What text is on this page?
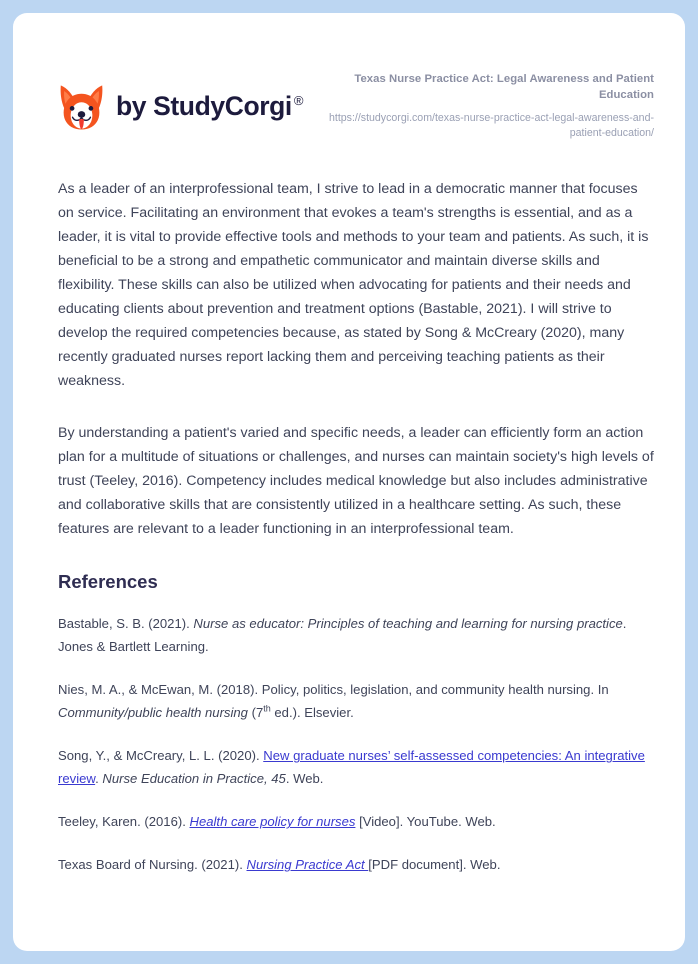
by StudyCorgi ®
Texas Nurse Practice Act: Legal Awareness and Patient Education
https://studycorgi.com/texas-nurse-practice-act-legal-awareness-and-patient-education/

As a leader of an interprofessional team, I strive to lead in a democratic manner that focuses on service. Facilitating an environment that evokes a team's strengths is essential, and as a leader, it is vital to provide effective tools and methods to your team and patients. As such, it is beneficial to be a strong and empathetic communicator and maintain diverse skills and flexibility. These skills can also be utilized when advocating for patients and their needs and educating clients about prevention and treatment options (Bastable, 2021). I will strive to develop the required competencies because, as stated by Song & McCreary (2020), many recently graduated nurses report lacking them and perceiving teaching patients as their weakness.

By understanding a patient's varied and specific needs, a leader can efficiently form an action plan for a multitude of situations or challenges, and nurses can maintain society's high levels of trust (Teeley, 2016). Competency includes medical knowledge but also includes administrative and collaborative skills that are consistently utilized in a healthcare setting. As such, these features are relevant to a leader functioning in an interprofessional team.

References

Bastable, S. B. (2021). Nurse as educator: Principles of teaching and learning for nursing practice. Jones & Bartlett Learning.

Nies, M. A., & McEwan, M. (2018). Policy, politics, legislation, and community health nursing. In Community/public health nursing (7th ed.). Elsevier.

Song, Y., & McCreary, L. L. (2020). New graduate nurses’ self-assessed competencies: An integrative review. Nurse Education in Practice, 45. Web.

Teeley, Karen. (2016). Health care policy for nurses [Video]. YouTube. Web.

Texas Board of Nursing. (2021). Nursing Practice Act [PDF document]. Web.
